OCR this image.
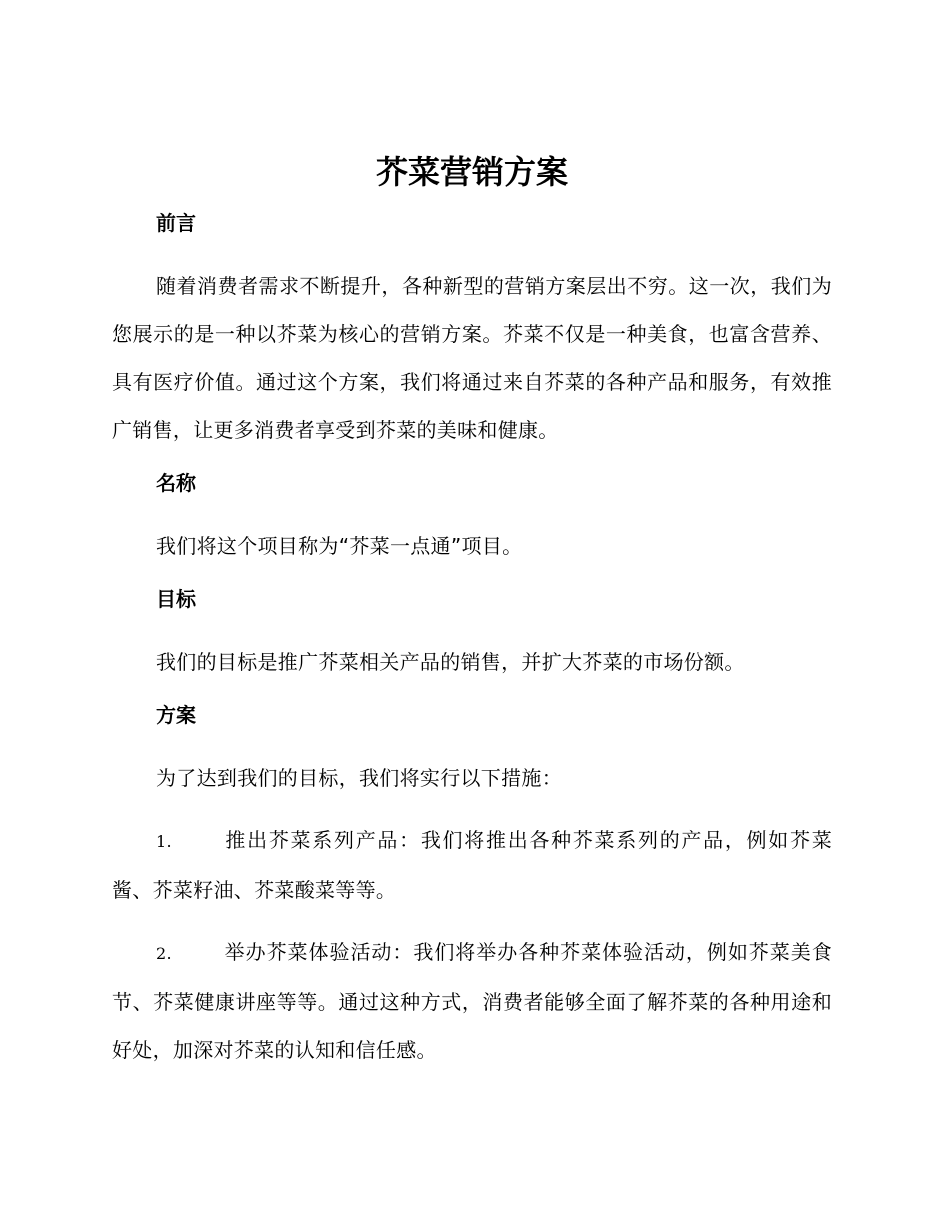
芥菜营销方案
前言

随着消费者需求不断提升，各种新型的营销方案层出不穷。这一次，我们为您展示的是一种以芥菜为核心的营销方案。芥菜不仅是一种美食，也富含营养、具有医疗价值。通过这个方案，我们将通过来自芥菜的各种产品和服务，有效推广销售，让更多消费者享受到芥菜的美味和健康。

名称

我们将这个项目称为“芥菜一点通”项目。

目标

我们的目标是推广芥菜相关产品的销售，并扩大芥菜的市场份额。

方案

为了达到我们的目标，我们将实行以下措施：

1.	推出芥菜系列产品：我们将推出各种芥菜系列的产品，例如芥菜酱、芥菜籽油、芥菜酸菜等等。

2.	举办芥菜体验活动：我们将举办各种芥菜体验活动，例如芥菜美食节、芥菜健康讲座等等。通过这种方式，消费者能够全面了解芥菜的各种用途和好处，加深对芥菜的认知和信任感。
